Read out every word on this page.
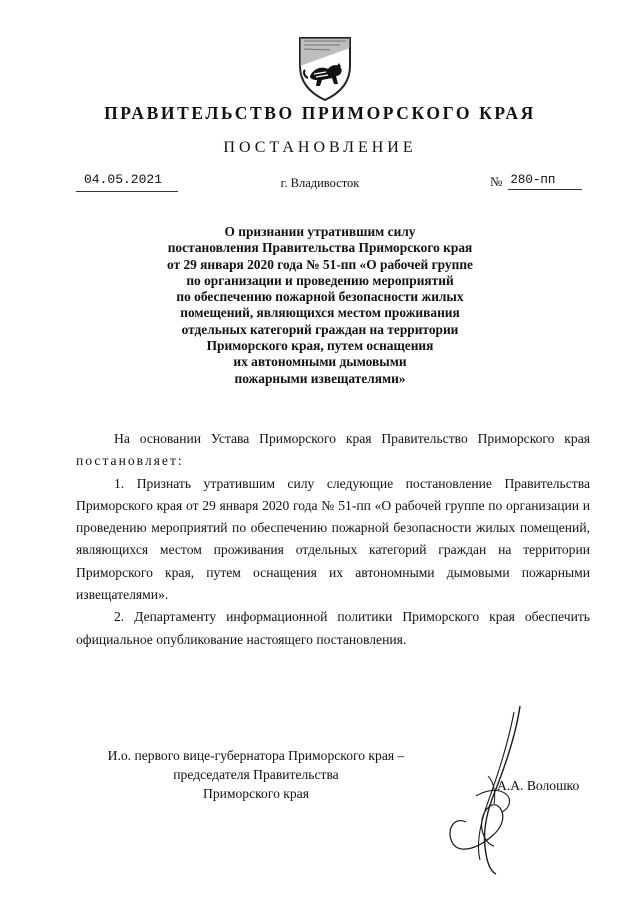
ПРАВИТЕЛЬСТВО ПРИМОРСКОГО КРАЯ
ПОСТАНОВЛЕНИЕ
04.05.2021	г. Владивосток	№ 280-пп
О признании утратившим силу
постановления Правительства Приморского края
от 29 января 2020 года № 51-пп «О рабочей группе
по организации и проведению мероприятий
по обеспечению пожарной безопасности жилых
помещений, являющихся местом проживания
отдельных категорий граждан на территории
Приморского края, путем оснащения
их автономными дымовыми
пожарными извещателями»

На основании Устава Приморского края Правительство Приморского края постановляет:

1. Признать утратившим силу следующие постановление Правительства Приморского края от 29 января 2020 года № 51-пп «О рабочей группе по организации и проведению мероприятий по обеспечению пожарной безопасности жилых помещений, являющихся местом проживания отдельных категорий граждан на территории Приморского края, путем оснащения их автономными дымовыми пожарными извещателями».

2. Департаменту информационной политики Приморского края обеспечить официальное опубликование настоящего постановления.

И.о. первого вице-губернатора Приморского края –
председателя Правительства
Приморского края
А.А. Волошко
